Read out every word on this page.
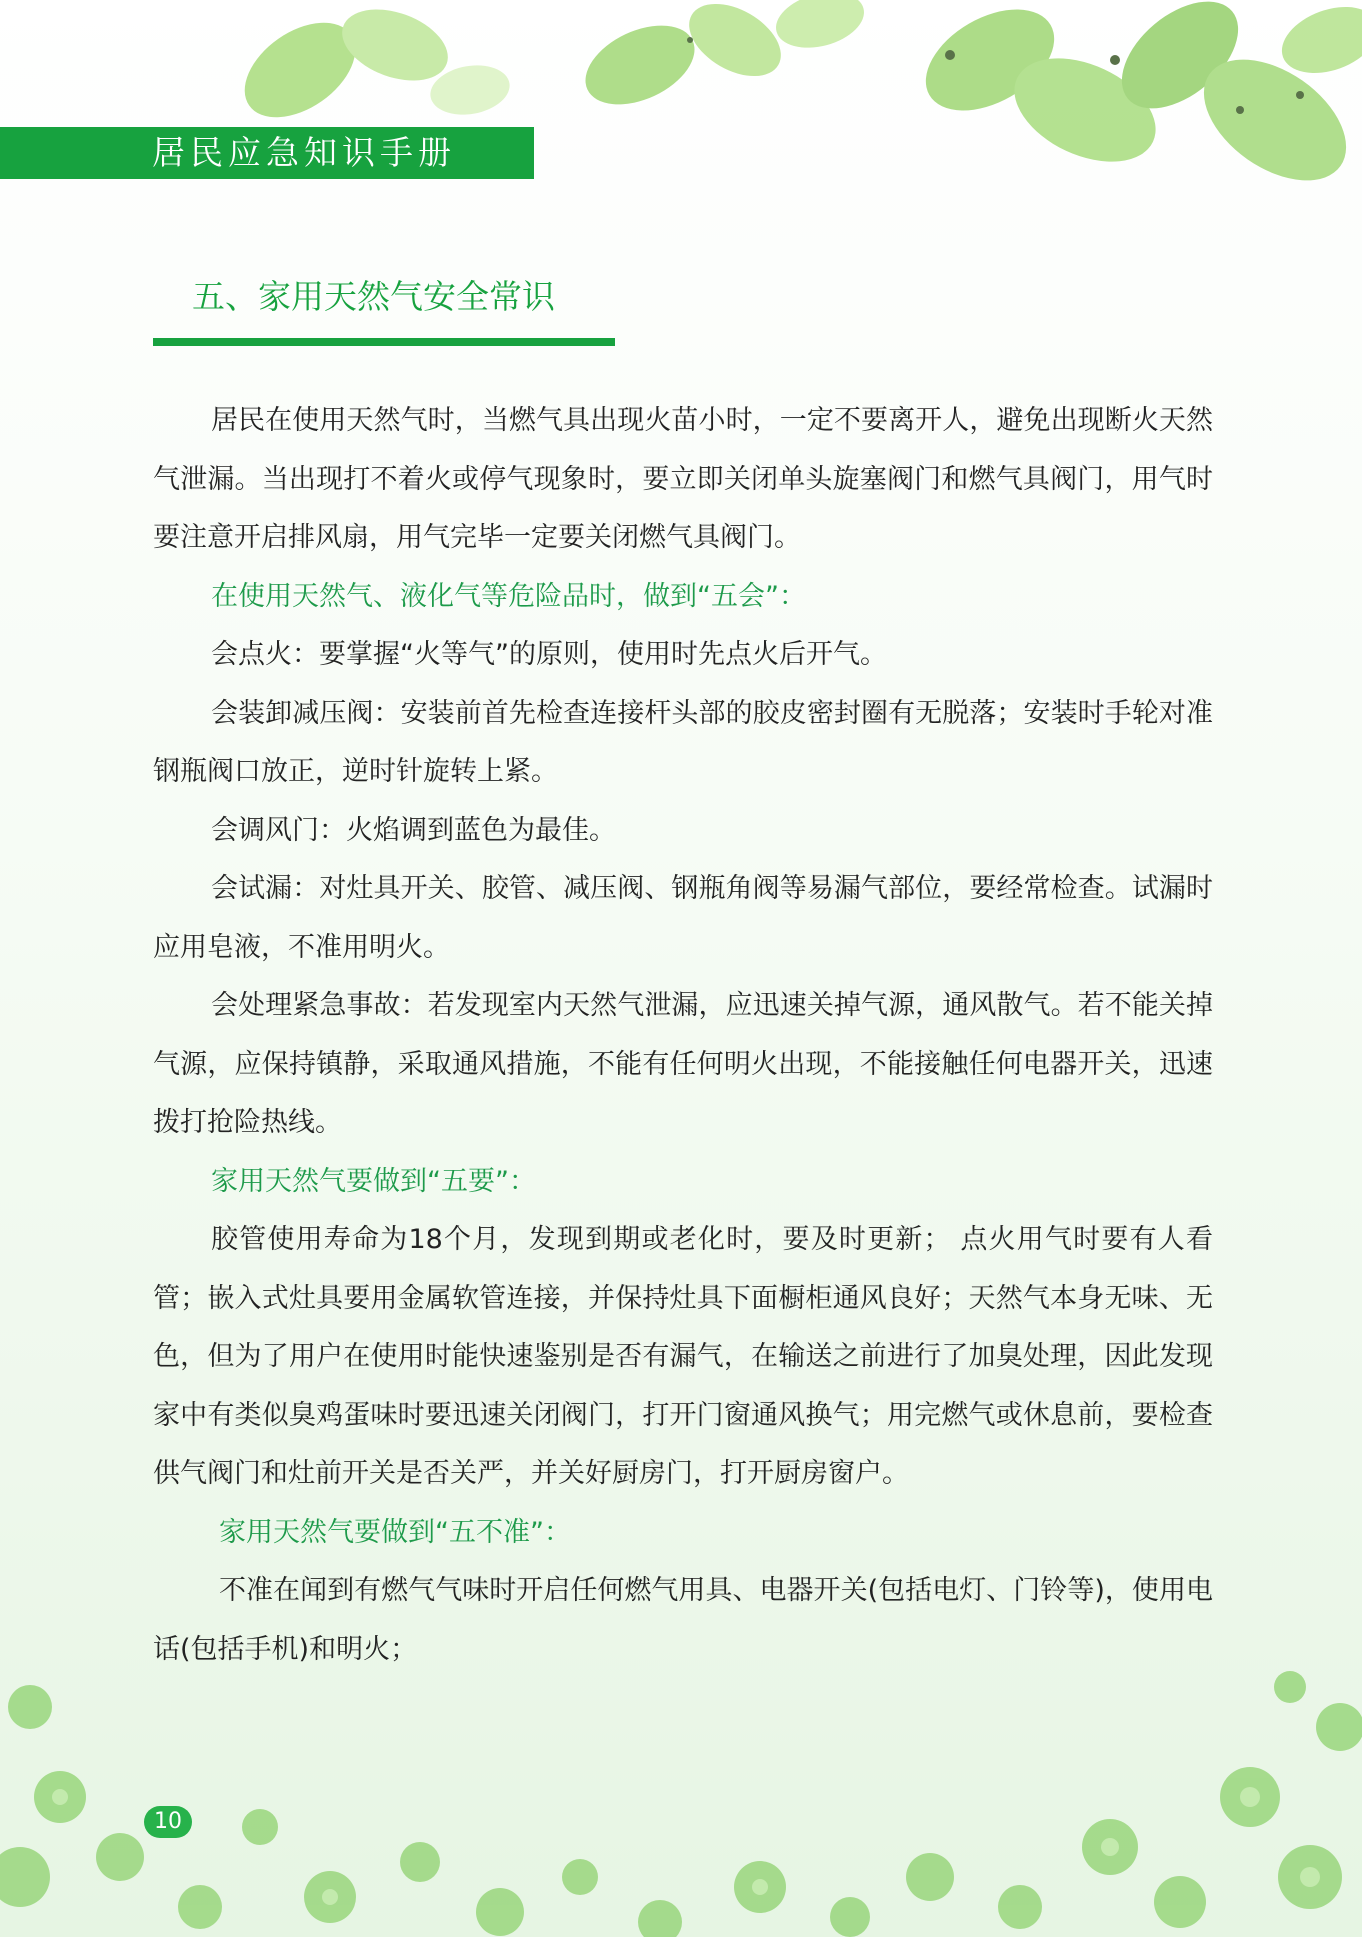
居民应急知识手册
五、家用天然气安全常识

居民在使用天然气时，当燃气具出现火苗小时，一定不要离开人，避免出现断火天然气泄漏。当出现打不着火或停气现象时，要立即关闭单头旋塞阀门和燃气具阀门，用气时要注意开启排风扇，用气完毕一定要关闭燃气具阀门。

在使用天然气、液化气等危险品时，做到“五会”：

会点火：要掌握“火等气”的原则，使用时先点火后开气。

会装卸减压阀：安装前首先检查连接杆头部的胶皮密封圈有无脱落；安装时手轮对准钢瓶阀口放正，逆时针旋转上紧。

会调风门：火焰调到蓝色为最佳。

会试漏：对灶具开关、胶管、减压阀、钢瓶角阀等易漏气部位，要经常检查。试漏时应用皂液，不准用明火。

会处理紧急事故：若发现室内天然气泄漏，应迅速关掉气源，通风散气。若不能关掉气源，应保持镇静，采取通风措施，不能有任何明火出现，不能接触任何电器开关，迅速拨打抢险热线。

家用天然气要做到“五要”：

胶管使用寿命为18个月，发现到期或老化时，要及时更新； 点火用气时要有人看管；嵌入式灶具要用金属软管连接，并保持灶具下面橱柜通风良好；天然气本身无味、无色，但为了用户在使用时能快速鉴别是否有漏气，在输送之前进行了加臭处理，因此发现家中有类似臭鸡蛋味时要迅速关闭阀门，打开门窗通风换气；用完燃气或休息前，要检查供气阀门和灶前开关是否关严，并关好厨房门，打开厨房窗户。

家用天然气要做到“五不准”：

不准在闻到有燃气气味时开启任何燃气用具、电器开关(包括电灯、门铃等)，使用电话(包括手机)和明火；

10
